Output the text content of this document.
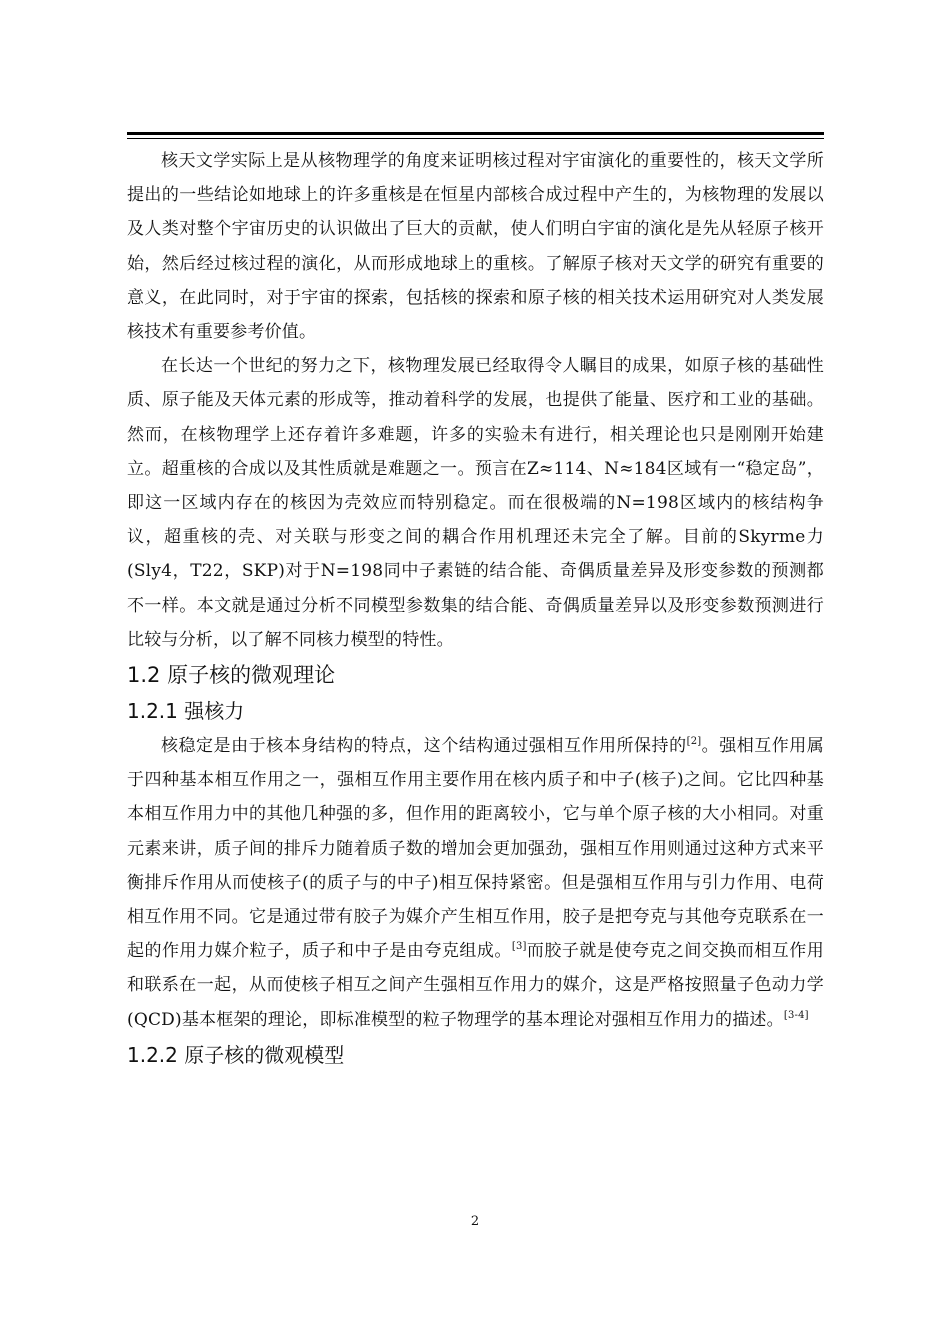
核天文学实际上是从核物理学的角度来证明核过程对宇宙演化的重要性的，核天文学所提出的一些结论如地球上的许多重核是在恒星内部核合成过程中产生的，为核物理的发展以及人类对整个宇宙历史的认识做出了巨大的贡献，使人们明白宇宙的演化是先从轻原子核开始，然后经过核过程的演化，从而形成地球上的重核。了解原子核对天文学的研究有重要的意义，在此同时，对于宇宙的探索，包括核的探索和原子核的相关技术运用研究对人类发展核技术有重要参考价值。

在长达一个世纪的努力之下，核物理发展已经取得令人瞩目的成果，如原子核的基础性质、原子能及天体元素的形成等，推动着科学的发展，也提供了能量、医疗和工业的基础。然而，在核物理学上还存着许多难题，许多的实验未有进行，相关理论也只是刚刚开始建立。超重核的合成以及其性质就是难题之一。预言在Z≈114、N≈184区域有一“稳定岛”，即这一区域内存在的核因为壳效应而特别稳定。而在很极端的N=198区域内的核结构争议，超重核的壳、对关联与形变之间的耦合作用机理还未完全了解。目前的Skyrme力(Sly4，T22，SKP)对于N=198同中子素链的结合能、奇偶质量差异及形变参数的预测都不一样。本文就是通过分析不同模型参数集的结合能、奇偶质量差异以及形变参数预测进行比较与分析，以了解不同核力模型的特性。

1.2 原子核的微观理论
1.2.1 强核力

核稳定是由于核本身结构的特点，这个结构通过强相互作用所保持的[2]。强相互作用属于四种基本相互作用之一，强相互作用主要作用在核内质子和中子(核子)之间。它比四种基本相互作用力中的其他几种强的多，但作用的距离较小，它与单个原子核的大小相同。对重元素来讲，质子间的排斥力随着质子数的增加会更加强劲，强相互作用则通过这种方式来平衡排斥作用从而使核子(的质子与的中子)相互保持紧密。但是强相互作用与引力作用、电荷相互作用不同。它是通过带有胶子为媒介产生相互作用，胶子是把夸克与其他夸克联系在一起的作用力媒介粒子，质子和中子是由夸克组成。[3]而胶子就是使夸克之间交换而相互作用和联系在一起，从而使核子相互之间产生强相互作用力的媒介，这是严格按照量子色动力学(QCD)基本框架的理论，即标准模型的粒子物理学的基本理论对强相互作用力的描述。[3-4]

1.2.2 原子核的微观模型
2
